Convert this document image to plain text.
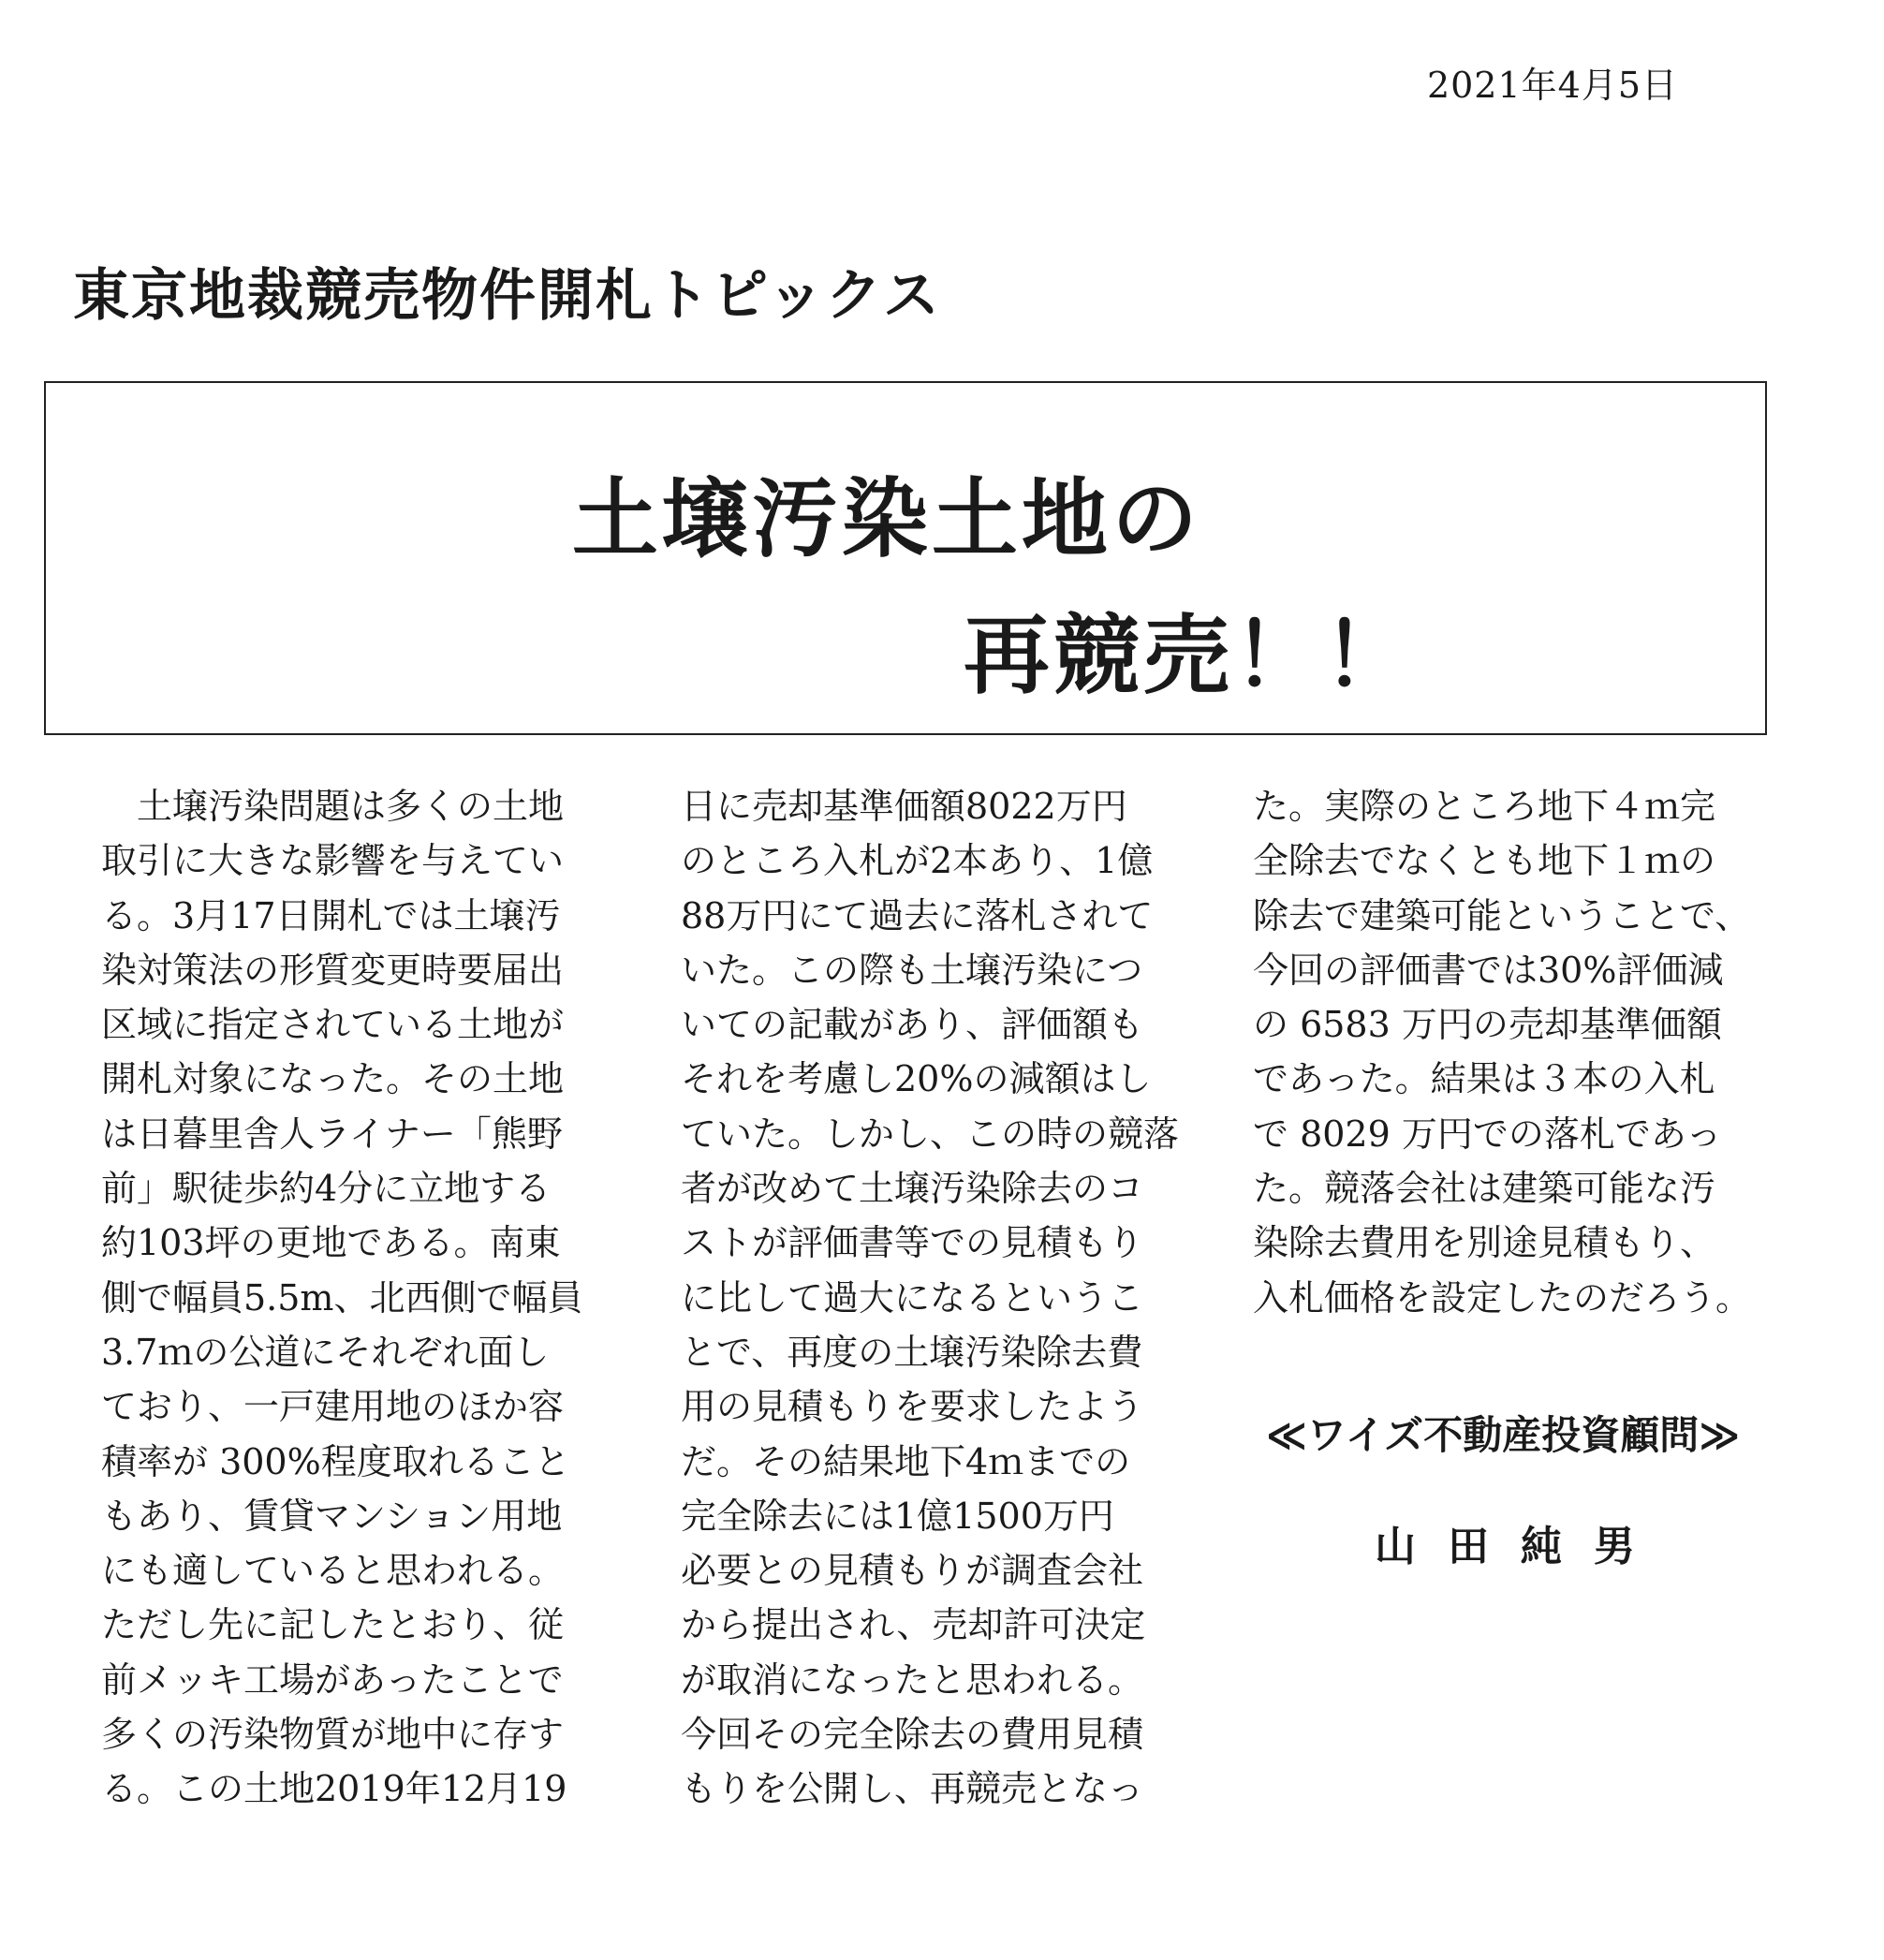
2021年4月5日
東京地裁競売物件開札トピックス
土壌汚染土地の
再競売！！
　土壌汚染問題は多くの土地
取引に大きな影響を与えてい
る。3月17日開札では土壌汚
染対策法の形質変更時要届出
区域に指定されている土地が
開札対象になった。その土地
は日暮里舎人ライナー「熊野
前」駅徒歩約4分に立地する
約103坪の更地である。南東
側で幅員5.5m、北西側で幅員
3.7ｍの公道にそれぞれ面し
ており、一戸建用地のほか容
積率が 300%程度取れること
もあり、賃貸マンション用地
にも適していると思われる。
ただし先に記したとおり、従
前メッキ工場があったことで
多くの汚染物質が地中に存す
る。この土地2019年12月19
日に売却基準価額8022万円
のところ入札が2本あり、1億
88万円にて過去に落札されて
いた。この際も土壌汚染につ
いての記載があり、評価額も
それを考慮し20%の減額はし
ていた。しかし、この時の競落
者が改めて土壌汚染除去のコ
ストが評価書等での見積もり
に比して過大になるというこ
とで、再度の土壌汚染除去費
用の見積もりを要求したよう
だ。その結果地下4ｍまでの
完全除去には1億1500万円
必要との見積もりが調査会社
から提出され、売却許可決定
が取消になったと思われる。
今回その完全除去の費用見積
もりを公開し、再競売となっ
た。実際のところ地下４ｍ完
全除去でなくとも地下１ｍの
除去で建築可能ということで、
今回の評価書では30%評価減
の 6583 万円の売却基準価額
であった。結果は３本の入札
で 8029 万円での落札であっ
た。競落会社は建築可能な汚
染除去費用を別途見積もり、
入札価格を設定したのだろう。
≪ワイズ不動産投資顧問≫
山田純男
